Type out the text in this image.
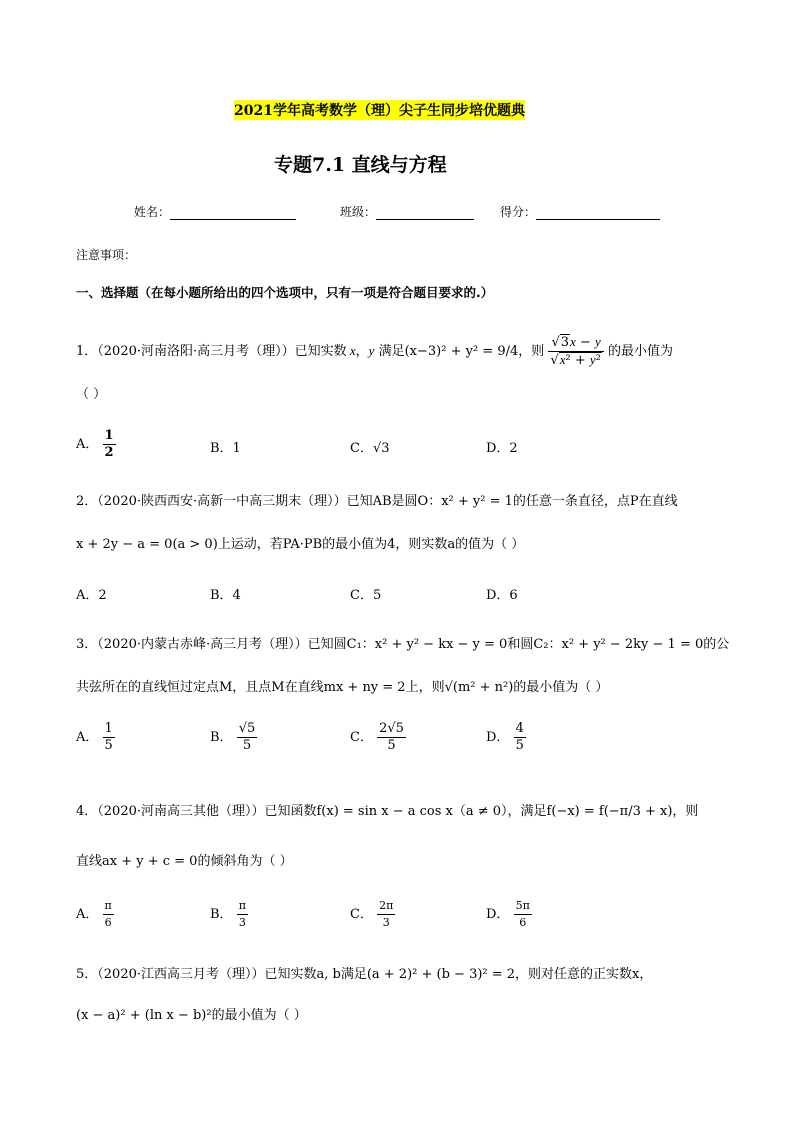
2021学年高考数学（理）尖子生同步培优题典
专题7.1 直线与方程
姓名：	班级：	得分：
注意事项：
一、选择题（在每小题所给出的四个选项中，只有一项是符合题目要求的.）
1．（2020·河南洛阳·高三月考（理））已知实数 x，y 满足(x−3)² + y² = 9/4，则 $\frac{√3x - y}{\text{√x² + y²}}$ 的最小值为
（ ）
A． $\frac{1}{2}$	B．1	C．√3	D．2
2．（2020·陕西西安·高新一中高三期末（理））已知AB是圆O：x² + y² = 1的任意一条直径，点P在直线
x + 2y − a = 0(a > 0)上运动，若PA·PB的最小值为4，则实数a的值为（ ）
A．2	B．4	C．5	D．6
3．（2020·内蒙古赤峰·高三月考（理））已知圆C₁：x² + y² − kx − y = 0和圆C₂：x² + y² − 2ky − 1 = 0的公
共弦所在的直线恒过定点M，且点M在直线mx + ny = 2上，则√(m² + n²)的最小值为（ ）
A． $\frac{1}{5}$	B． $\frac{√5}{5}$	C． $\frac{2√5}{5}$	D． $\frac{4}{5}$
4．（2020·河南高三其他（理））已知函数f(x) = sin x − a cos x（a ≠ 0），满足f(−x) = f(−π/3 + x)，则
直线ax + y + c = 0的倾斜角为（ ）
A． $\frac{\pi}{6}$	B． $\frac{\pi}{3}$	C． $\frac{2\pi}{3}$	D． $\frac{5\pi}{6}$
5．（2020·江西高三月考（理））已知实数a, b满足(a + 2)² + (b − 3)² = 2，则对任意的正实数x，
(x − a)² + (ln x − b)²的最小值为（ ）
